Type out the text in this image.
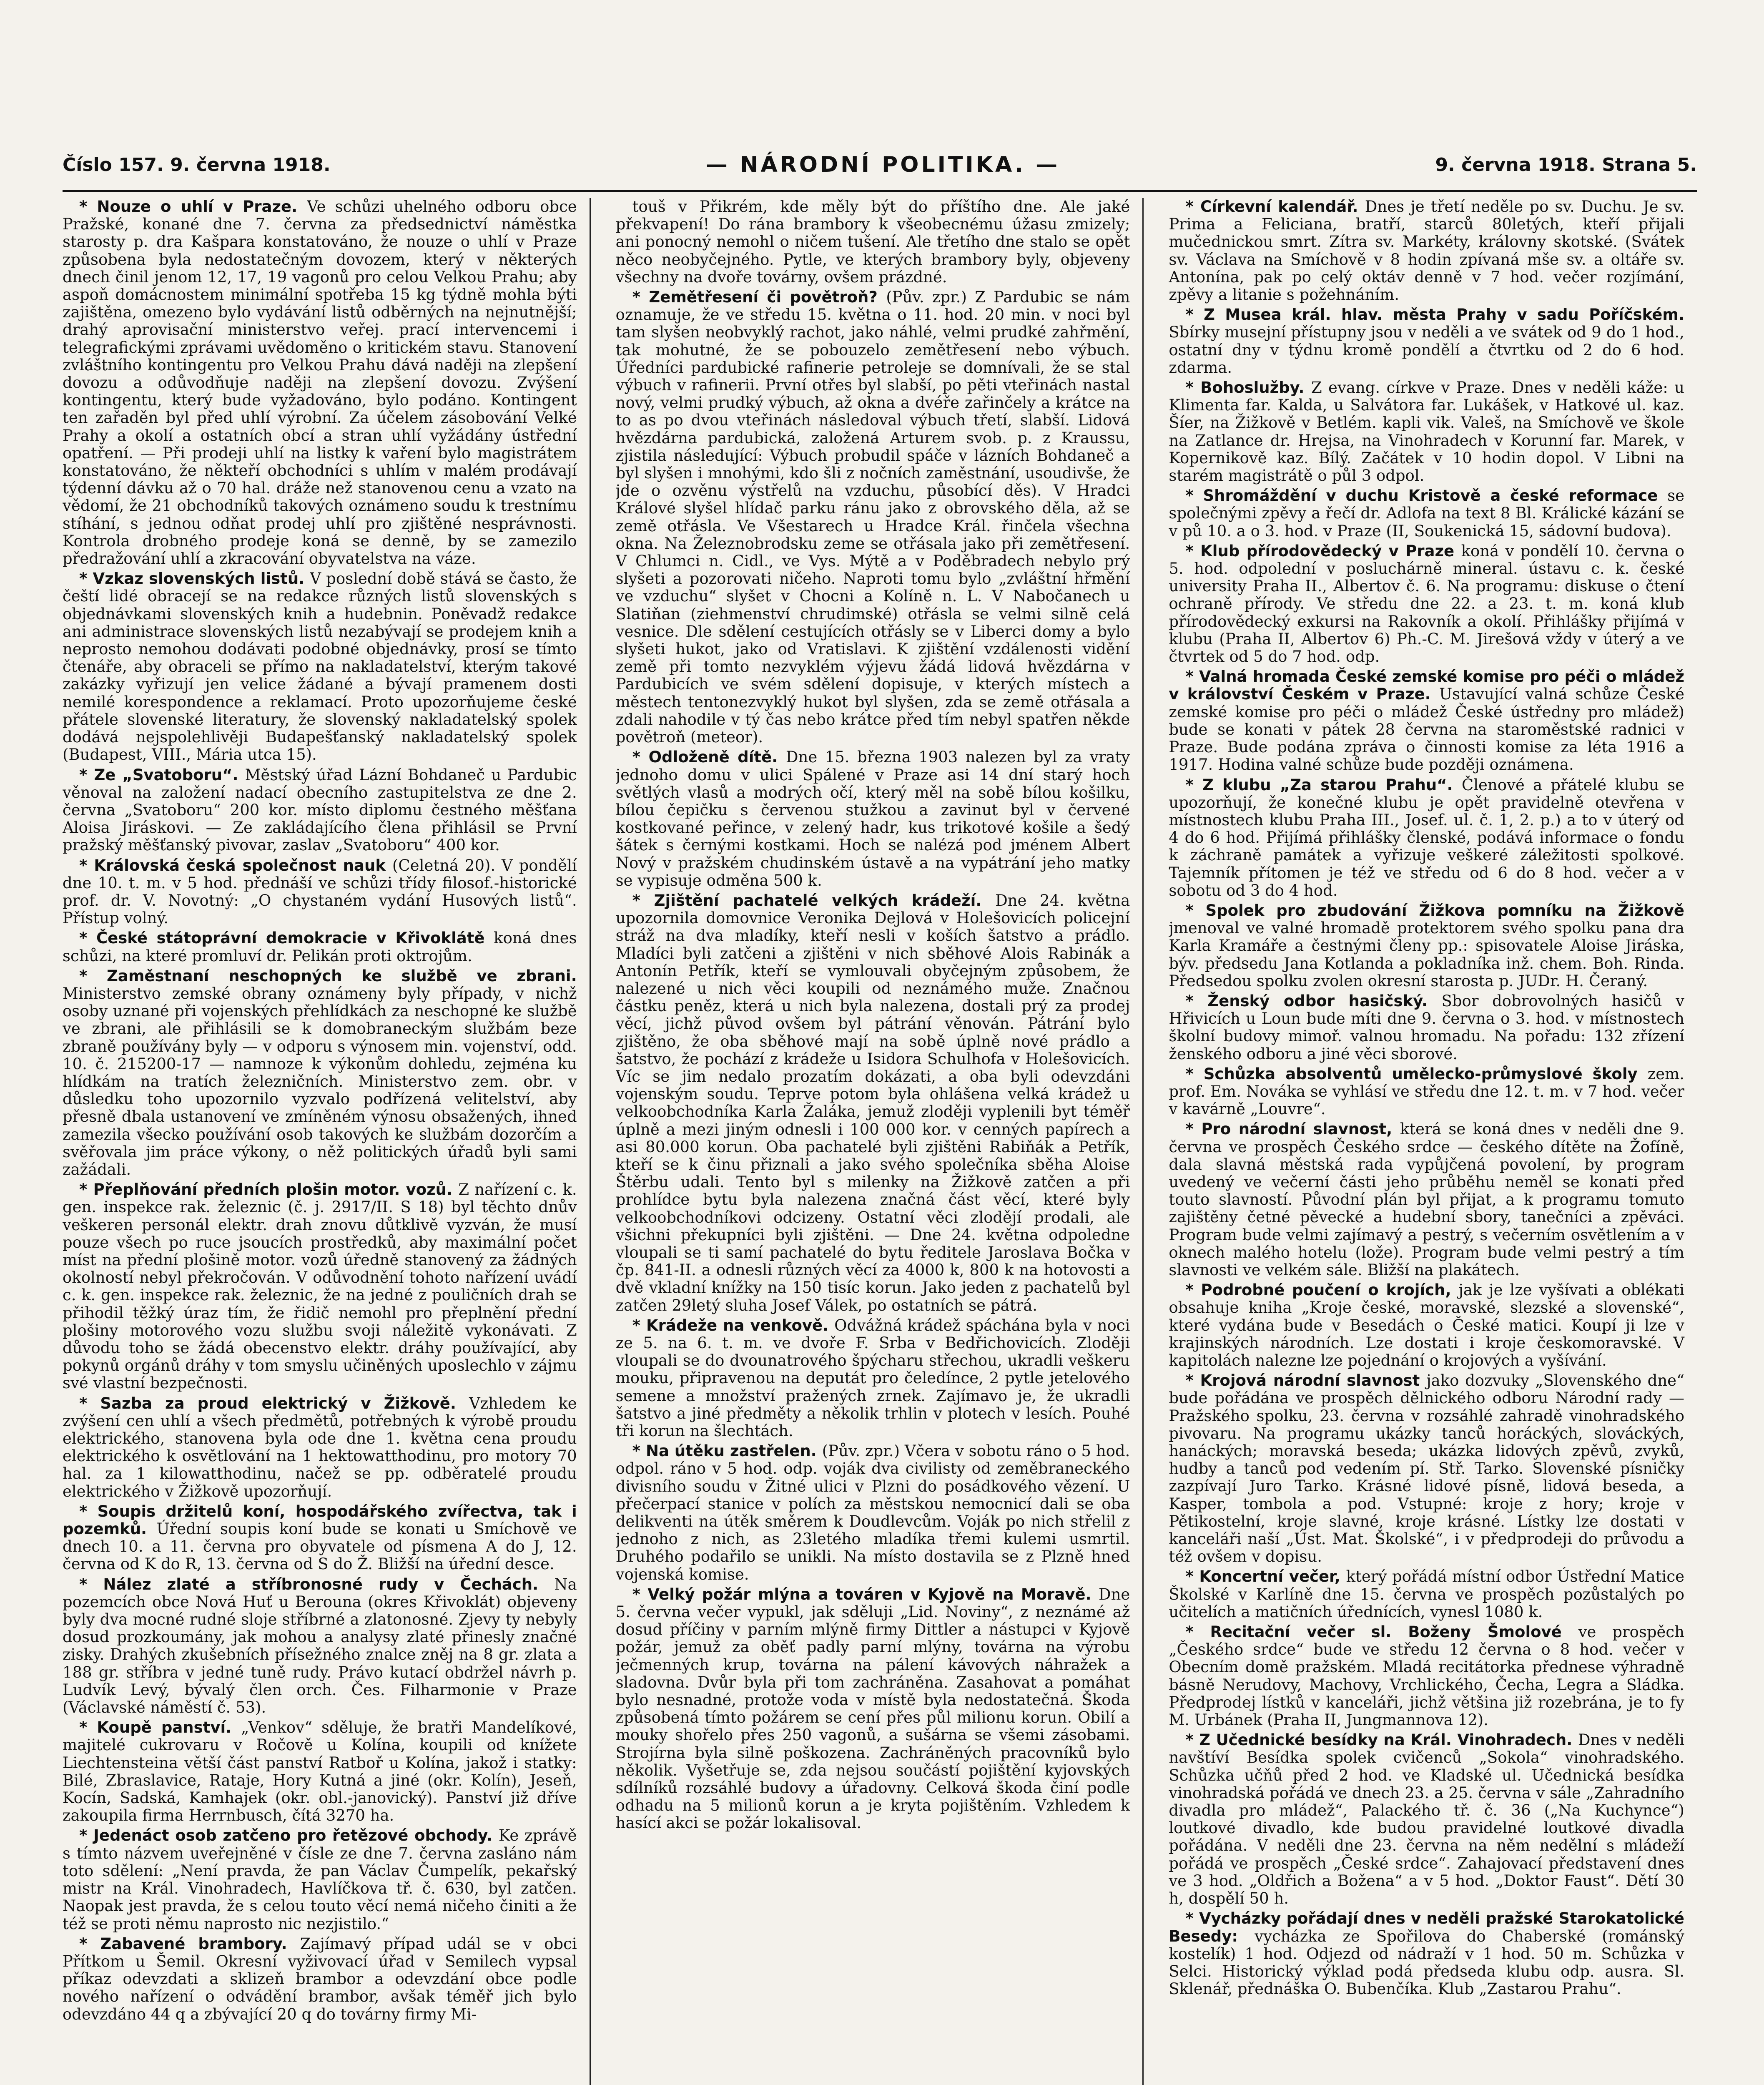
Číslo 157. 9. června 1918.	— NÁRODNÍ POLITIKA. —	9. června 1918. Strana 5.

* Nouze o uhlí v Praze. Ve schůzi uhelného odboru obce Pražské, konané dne 7. června za předsednictví náměstka starosty p. dra Kašpara konstatováno, že nouze o uhlí v Praze způsobena byla nedostatečným dovozem, který v některých dnech činil jenom 12, 17, 19 vagonů pro celou Velkou Prahu; aby aspoň domácnostem minimální spotřeba 15 kg týdně mohla býti zajištěna, omezeno bylo vydávání listů odběrných na nejnutnější; drahý aprovisační ministerstvo veřej. prací intervencemi i telegrafickými zprávami uvědoměno o kritickém stavu. Stanovení zvláštního kontingentu pro Velkou Prahu dává naději na zlepšení dovozu a odůvodňuje naději na zlepšení dovozu. Zvýšení kontingentu, který bude vyžadováno, bylo podáno. Kontingent ten zařaděn byl před uhlí výrobní. Za účelem zásobování Velké Prahy a okolí a ostatních obcí a stran uhlí vyžádány ústřední opatření. — Při prodeji uhlí na listky k vaření bylo magistrátem konstatováno, že někteří obchodníci s uhlím v malém prodávají týdenní dávku až o 70 hal. dráže než stanovenou cenu a vzato na vědomí, že 21 obchodníků takových oznámeno soudu k trestnímu stíhání, s jednou odňat prodej uhlí pro zjištěné nesprávnosti. Kontrola drobného prodeje koná se denně, by se zamezilo předražování uhlí a zkracování obyvatelstva na váze.

* Vzkaz slovenských listů. V poslední době stává se často, že čeští lidé obracejí se na redakce různých listů slovenských s objednávkami slovenských knih a hudebnin. Poněvadž redakce ani administrace slovenských listů nezabývají se prodejem knih a neprosto nemohou dodávati podobné objednávky, prosí se tímto čtenáře, aby obraceli se přímo na nakladatelství, kterým takové zakázky vyřizují jen velice žádané a bývají pramenem dosti nemilé korespondence a reklamací. Proto upozorňujeme české přátele slovenské literatury, že slovenský nakladatelský spolek dodává nejspolehlivěji Budapešťanský nakladatelský spolek (Budapest, VIII., Mária utca 15).

* Ze „Svatoboru“. Městský úřad Lázní Bohdaneč u Pardubic věnoval na založení nadací obecního zastupitelstva ze dne 2. června „Svatoboru“ 200 kor. místo diplomu čestného měšťana Aloisa Jiráskovi. — Ze zakládajícího člena přihlásil se První pražský měšťanský pivovar, zaslav „Svatoboru“ 400 kor.

* Královská česká společnost nauk (Celetná 20). V pondělí dne 10. t. m. v 5 hod. přednáší ve schůzi třídy filosof.-historické prof. dr. V. Novotný: „O chystaném vydání Husových listů“. Přístup volný.

* České státoprávní demokracie v Křivoklátě koná dnes schůzi, na které promluví dr. Pelikán proti oktrojům.

* Zaměstnaní neschopných ke službě ve zbrani. Ministerstvo zemské obrany oznámeny byly případy, v nichž osoby uznané při vojenských přehlídkách za neschopné ke službě ve zbrani, ale přihlásili se k domobraneckým službám beze zbraně používány byly — v odporu s výnosem min. vojenství, odd. 10. č. 215200-17 — namnoze k výkonům dohledu, zejména ku hlídkám na tratích železničních. Ministerstvo zem. obr. v důsledku toho upozornilo vyzvalo podřízená velitelství, aby přesně dbala ustanovení ve zmíněném výnosu obsažených, ihned zamezila všecko používání osob takových ke službám dozorčím a svěřovala jim práce výkony, o něž politických úřadů byli sami zažádali.

* Přeplňování předních plošin motor. vozů. Z nařízení c. k. gen. inspekce rak. železnic (č. j. 2917/II. S 18) byl těchto dnův veškeren personál elektr. drah znovu důtklivě vyzván, že musí pouze všech po ruce jsoucích prostředků, aby maximální počet míst na přední plošině motor. vozů úředně stanovený za žádných okolností nebyl překročován. V odůvodnění tohoto nařízení uvádí c. k. gen. inspekce rak. železnic, že na jedné z pouličních drah se přihodil těžký úraz tím, že řidič nemohl pro přeplnění přední plošiny motorového vozu službu svoji náležitě vykonávati. Z důvodu toho se žádá obecenstvo elektr. dráhy používající, aby pokynů orgánů dráhy v tom smyslu učiněných uposlechlo v zájmu své vlastní bezpečnosti.

* Sazba za proud elektrický v Žižkově. Vzhledem ke zvýšení cen uhlí a všech předmětů, potřebných k výrobě proudu elektrického, stanovena byla ode dne 1. května cena proudu elektrického k osvětlování na 1 hektowatthodinu, pro motory 70 hal. za 1 kilowatthodinu, načež se pp. odběratelé proudu elektrického v Žižkově upozorňují.

* Soupis držitelů koní, hospodářského zvířectva, tak i pozemků. Úřední soupis koní bude se konati u Smíchově ve dnech 10. a 11. června pro obyvatele od písmena A do J, 12. června od K do R, 13. června od S do Ž. Bližší na úřední desce.

* Nález zlaté a stříbronosné rudy v Čechách. Na pozemcích obce Nová Huť u Berouna (okres Křivoklát) objeveny byly dva mocné rudné sloje stříbrné a zlatonosné. Zjevy ty nebyly dosud prozkoumány, jak mohou a analysy zlaté přinesly značné zisky. Drahých zkušebních přísežného znalce zněj na 8 gr. zlata a 188 gr. stříbra v jedné tuně rudy. Právo kutací obdržel návrh p. Ludvík Levý, bývalý člen orch. Čes. Filharmonie v Praze (Václavské náměstí č. 53).

* Koupě panství. „Venkov“ sděluje, že bratři Mandelíkové, majitelé cukrovaru v Ročově u Kolína, koupili od knížete Liechtensteina větší část panství Ratboř u Kolína, jakož i statky: Bilé, Zbraslavice, Rataje, Hory Kutná a jiné (okr. Kolín), Jeseň, Kocín, Sadská, Kamhajek (okr. obl.-janovický). Panství již dříve zakoupila firma Herrnbusch, čítá 3270 ha.

* Jedenáct osob zatčeno pro řetězové obchody. Ke zprávě s tímto názvem uveřejněné v čísle ze dne 7. června zasláno nám toto sdělení: „Není pravda, že pan Václav Čumpelík, pekařský mistr na Král. Vinohradech, Havlíčkova tř. č. 630, byl zatčen. Naopak jest pravda, že s celou touto věcí nemá ničeho činiti a že též se proti němu naprosto nic nezjistilo.“

* Zabavené brambory. Zajímavý případ udál se v obci Přítkom u Šemil. Okresní vyživovací úřad v Semilech vypsal příkaz odevzdati a sklizeň brambor a odevzdání obce podle nového nařízení o odvádění brambor, avšak téměř jich bylo odevzdáno 44 q a zbývající 20 q do továrny firmy Mi-

touš v Přikrém, kde měly být do příštího dne. Ale jaké překvapení! Do rána brambory k všeobecnému úžasu zmizely; ani ponocný nemohl o ničem tušení. Ale třetího dne stalo se opět něco neobyčejného. Pytle, ve kterých brambory byly, objeveny všechny na dvoře továrny, ovšem prázdné.

* Zemětřesení či povětroň? (Pův. zpr.) Z Pardubic se nám oznamuje, že ve středu 15. května o 11. hod. 20 min. v noci byl tam slyšen neobvyklý rachot, jako náhlé, velmi prudké zahřmění, tak mohutné, že se pobouzelo zemětřesení nebo výbuch. Úředníci pardubické rafinerie petroleje se domnívali, že se stal výbuch v rafinerii. První otřes byl slabší, po pěti vteřinách nastal nový, velmi prudký výbuch, až okna a dvéře zařinčely a krátce na to as po dvou vteřinách následoval výbuch třetí, slabší. Lidová hvězdárna pardubická, založená Arturem svob. p. z Kraussu, zjistila následující: Výbuch probudil spáče v lázních Bohdaneč a byl slyšen i mnohými, kdo šli z nočních zaměstnání, usoudivše, že jde o ozvěnu výstřelů na vzduchu, působící děs). V Hradci Králové slyšel hlídač parku ránu jako z obrovského děla, až se země otřásla. Ve Všestarech u Hradce Král. řinčela všechna okna. Na Železnobrodsku zeme se otřásala jako při zemětřesení. V Chlumci n. Cidl., ve Vys. Mýtě a v Poděbradech nebylo prý slyšeti a pozorovati ničeho. Naproti tomu bylo „zvláštní hřmění ve vzduchu“ slyšet v Chocni a Kolíně n. L. V Nabočanech u Slatiňan (ziehmenství chrudimské) otřásla se velmi silně celá vesnice. Dle sdělení cestujících otřásly se v Liberci domy a bylo slyšeti hukot, jako od Vratislavi. K zjištění vzdálenosti vidění země při tomto nezvyklém výjevu žádá lidová hvězdárna v Pardubicích ve svém sdělení dopisuje, v kterých místech a městech tentonezvyklý hukot byl slyšen, zda se země otřásala a zdali nahodile v tý čas nebo krátce před tím nebyl spatřen někde povětroň (meteor).

* Odloženě dítě. Dne 15. března 1903 nalezen byl za vraty jednoho domu v ulici Spálené v Praze asi 14 dní starý hoch světlých vlasů a modrých očí, který měl na sobě bílou košilku, bílou čepičku s červenou stužkou a zavinut byl v červené kostkované peřince, v zelený hadr, kus trikotové košile a šedý šátek s černými kostkami. Hoch se nalézá pod jménem Albert Nový v pražském chudinském ústavě a na vypátrání jeho matky se vypisuje odměna 500 k.

* Zjištění pachatelé velkých krádeží. Dne 24. května upozornila domovnice Veronika Dejlová v Holešovicích policejní stráž na dva mladíky, kteří nesli v koších šatstvo a prádlo. Mladíci byli zatčeni a zjištěni v nich sběhové Alois Rabinák a Antonín Petřík, kteří se vymlouvali obyčejným způsobem, že nalezené u nich věci koupili od neznámého muže. Značnou částku peněz, která u nich byla nalezena, dostali prý za prodej věcí, jichž původ ovšem byl pátrání věnován. Pátrání bylo zjištěno, že oba sběhové mají na sobě úplně nové prádlo a šatstvo, že pochází z krádeže u Isidora Schulhofa v Holešovicích. Víc se jim nedalo prozatím dokázati, a oba byli odevzdáni vojenským soudu. Teprve potom byla ohlášena velká krádež u velkoobchodníka Karla Žaláka, jemuž zloději vyplenili byt téměř úplně a mezi jiným odnesli i 100 000 kor. v cenných papírech a asi 80.000 korun. Oba pachatelé byli zjištěni Rabiňák a Petřík, kteří se k činu přiznali a jako svého společníka sběha Aloise Štěrbu udali. Tento byl s milenky na Žižkově zatčen a při prohlídce bytu byla nalezena značná část věcí, které byly velkoobchodníkovi odcizeny. Ostatní věci zlodějí prodali, ale všichni překupníci byli zjištěni. — Dne 24. května odpoledne vloupali se ti samí pachatelé do bytu ředitele Jaroslava Bočka v čp. 841-II. a odnesli různých věcí za 4000 k, 800 k na hotovosti a dvě vkladní knížky na 150 tisíc korun. Jako jeden z pachatelů byl zatčen 29letý sluha Josef Válek, po ostatních se pátrá.

* Krádeže na venkově. Odvážná krádež spáchána byla v noci ze 5. na 6. t. m. ve dvoře F. Srba v Bedřichovicích. Zloději vloupali se do dvounatrového špýcharu střechou, ukradli veškeru mouku, připravenou na deputát pro čeledínce, 2 pytle jetelového semene a množství pražených zrnek. Zajímavo je, že ukradli šatstvo a jiné předměty a několik trhlin v plotech v lesích. Pouhé tři korun na šlechtách.

* Na útěku zastřelen. (Pův. zpr.) Včera v sobotu ráno o 5 hod. odpol. ráno v 5 hod. odp. voják dva civilisty od zeměbraneckého divisního soudu v Žitné ulici v Plzni do posádkového vězení. U přečerpací stanice v polích za městskou nemocnicí dali se oba delikventi na útěk směrem k Doudlevcům. Voják po nich střelil z jednoho z nich, as 23letého mladíka třemi kulemi usmrtil. Druhého podařilo se unikli. Na místo dostavila se z Plzně hned vojenská komise.

* Velký požár mlýna a továren v Kyjově na Moravě. Dne 5. června večer vypukl, jak sděluji „Lid. Noviny“, z neznámé až dosud příčiny v parním mlýně firmy Dittler a nástupci v Kyjově požár, jemuž za oběť padly parní mlýny, továrna na výrobu ječmenných krup, továrna na pálení kávových náhražek a sladovna. Dvůr byla při tom zachráněna. Zasahovat a pomáhat bylo nesnadné, protože voda v místě byla nedostatečná. Škoda způsobená tímto požárem se cení přes půl milionu korun. Obilí a mouky shořelo přes 250 vagonů, a sušárna se všemi zásobami. Strojírna byla silně poškozena. Zachráněných pracovníků bylo několik. Vyšetřuje se, zda nejsou součástí pojištění kyjovských sdílníků rozsáhlé budovy a úřadovny. Celková škoda činí podle odhadu na 5 milionů korun a je kryta pojištěním. Vzhledem k hasící akci se požár lokalisoval.

* Církevní kalendář. Dnes je třetí neděle po sv. Duchu. Je sv. Prima a Feliciana, bratří, starců 80letých, kteří přijali mučednickou smrt. Zítra sv. Markéty, královny skotské. (Svátek sv. Václava na Smíchově v 8 hodin zpívaná mše sv. a oltáře sv. Antonína, pak po celý oktáv denně v 7 hod. večer rozjímání, zpěvy a litanie s požehnáním.

* Z Musea král. hlav. města Prahy v sadu Poříčském. Sbírky musejní přístupny jsou v neděli a ve svátek od 9 do 1 hod., ostatní dny v týdnu kromě pondělí a čtvrtku od 2 do 6 hod. zdarma.

* Bohoslužby. Z evang. církve v Praze. Dnes v neděli káže: u Klimenta far. Kalda, u Salvátora far. Lukášek, v Hatkové ul. kaz. Šíer, na Žižkově v Betlém. kapli vik. Valeš, na Smíchově ve škole na Zatlance dr. Hrejsa, na Vinohradech v Korunní far. Marek, v Kopernikově kaz. Bílý. Začátek v 10 hodin dopol. V Libni na starém magistrátě o půl 3 odpol.

* Shromáždění v duchu Kristově a české reformace se společnými zpěvy a řečí dr. Adlofa na text 8 Bl. Králické kázání se v pů 10. a o 3. hod. v Praze (II, Soukenická 15, sádovní budova).

* Klub přírodovědecký v Praze koná v pondělí 10. června o 5. hod. odpolední v posluchárně mineral. ústavu c. k. české university Praha II., Albertov č. 6. Na programu: diskuse o čtení ochraně přírody. Ve středu dne 22. a 23. t. m. koná klub přírodovědecký exkursi na Rakovník a okolí. Přihlášky přijímá v klubu (Praha II, Albertov 6) Ph.-C. M. Jirešová vždy v úterý a ve čtvrtek od 5 do 7 hod. odp.

* Valná hromada České zemské komise pro péči o mládež v království Českém v Praze. Ustavující valná schůze České zemské komise pro péči o mládež České ústředny pro mládež) bude se konati v pátek 28 června na staroměstské radnici v Praze. Bude podána zpráva o činnosti komise za léta 1916 a 1917. Hodina valné schůze bude později oznámena.

* Z klubu „Za starou Prahu“. Členové a přátelé klubu se upozorňují, že konečné klubu je opět pravidelně otevřena v místnostech klubu Praha III., Josef. ul. č. 1, 2. p.) a to v úterý od 4 do 6 hod. Přijímá přihlášky členské, podává informace o fondu k záchraně památek a vyřizuje veškeré záležitosti spolkové. Tajemník přítomen je též ve středu od 6 do 8 hod. večer a v sobotu od 3 do 4 hod.

* Spolek pro zbudování Žižkova pomníku na Žižkově jmenoval ve valné hromadě protektorem svého spolku pana dra Karla Kramáře a čestnými členy pp.: spisovatele Aloise Jiráska, býv. předsedu Jana Kotlanda a pokladníka inž. chem. Boh. Rinda. Předsedou spolku zvolen okresní starosta p. JUDr. H. Čeraný.

* Ženský odbor hasičský. Sbor dobrovolných hasičů v Hřivicích u Loun bude míti dne 9. června o 3. hod. v místnostech školní budovy mimoř. valnou hromadu. Na pořadu: 132 zřízení ženského odboru a jiné věci sborové.

* Schůzka absolventů umělecko-průmyslové školy zem. prof. Em. Nováka se vyhlásí ve středu dne 12. t. m. v 7 hod. večer v kavárně „Louvre“.

* Pro národní slavnost, která se koná dnes v neděli dne 9. června ve prospěch Českého srdce — českého dítěte na Žofíně, dala slavná městská rada vypůjčená povolení, by program uvedený ve večerní části jeho průběhu neměl se konati před touto slavností. Původní plán byl přijat, a k programu tomuto zajištěny četné pěvecké a hudební sbory, tanečníci a zpěváci. Program bude velmi zajímavý a pestrý, s večerním osvětlením a v oknech malého hotelu (lože). Program bude velmi pestrý a tím slavnosti ve velkém sále. Bližší na plakátech.

* Podrobné poučení o krojích, jak je lze vyšívati a oblékati obsahuje kniha „Kroje české, moravské, slezské a slovenské“, které vydána bude v Besedách o České matici. Koupí ji lze v krajinských národních. Lze dostati i kroje českomoravské. V kapitolách nalezne lze pojednání o krojových a vyšívání.

* Krojová národní slavnost jako dozvuky „Slovenského dne“ bude pořádána ve prospěch dělnického odboru Národní rady — Pražského spolku, 23. června v rozsáhlé zahradě vinohradského pivovaru. Na programu ukázky tanců horáckých, slováckých, hanáckých; moravská beseda; ukázka lidových zpěvů, zvyků, hudby a tanců pod vedením pí. Stř. Tarko. Slovenské písničky zazpívají Juro Tarko. Krásné lidové písně, lidová beseda, a Kasper, tombola a pod. Vstupné: kroje z hory; kroje v Pětikostelní, kroje slavné, kroje krásné. Lístky lze dostati v kanceláři naší „Úst. Mat. Školské“, i v předprodeji do průvodu a též ovšem v dopisu.

* Koncertní večer, který pořádá místní odbor Ústřední Matice Školské v Karlíně dne 15. června ve prospěch pozůstalých po učitelích a matičních úřednících, vynesl 1080 k.

* Recitační večer sl. Boženy Šmolové ve prospěch „Českého srdce“ bude ve středu 12 června o 8 hod. večer v Obecním domě pražském. Mladá recitátorka přednese výhradně básně Nerudovy, Machovy, Vrchlického, Čecha, Legra a Sládka. Předprodej lístků v kanceláři, jichž většina již rozebrána, je to fy M. Urbánek (Praha II, Jungmannova 12).

* Z Učednické besídky na Král. Vinohradech. Dnes v neděli navštíví Besídka spolek cvičenců „Sokola“ vinohradského. Schůzka učňů před 2 hod. ve Kladské ul. Učednická besídka vinohradská pořádá ve dnech 23. a 25. června v sále „Zahradního divadla pro mládež“, Palackého tř. č. 36 („Na Kuchynce“) loutkové divadlo, kde budou pravidelné loutkové divadla pořádána. V neděli dne 23. června na něm nedělní s mládeží pořádá ve prospěch „České srdce“. Zahajovací představení dnes ve 3 hod. „Oldřich a Božena“ a v 5 hod. „Doktor Faust“. Dětí 30 h, dospělí 50 h.

* Vycházky pořádají dnes v neděli pražské Starokatolické Besedy: vycházka ze Spořilova do Chaberské (románský kostelík) 1 hod. Odjezd od nádraží v 1 hod. 50 m. Schůzka v Selci. Historický výklad podá předseda klubu odp. ausra. Sl. Sklenář, přednáška O. Bubenčíka. Klub „Zastarou Prahu“.
